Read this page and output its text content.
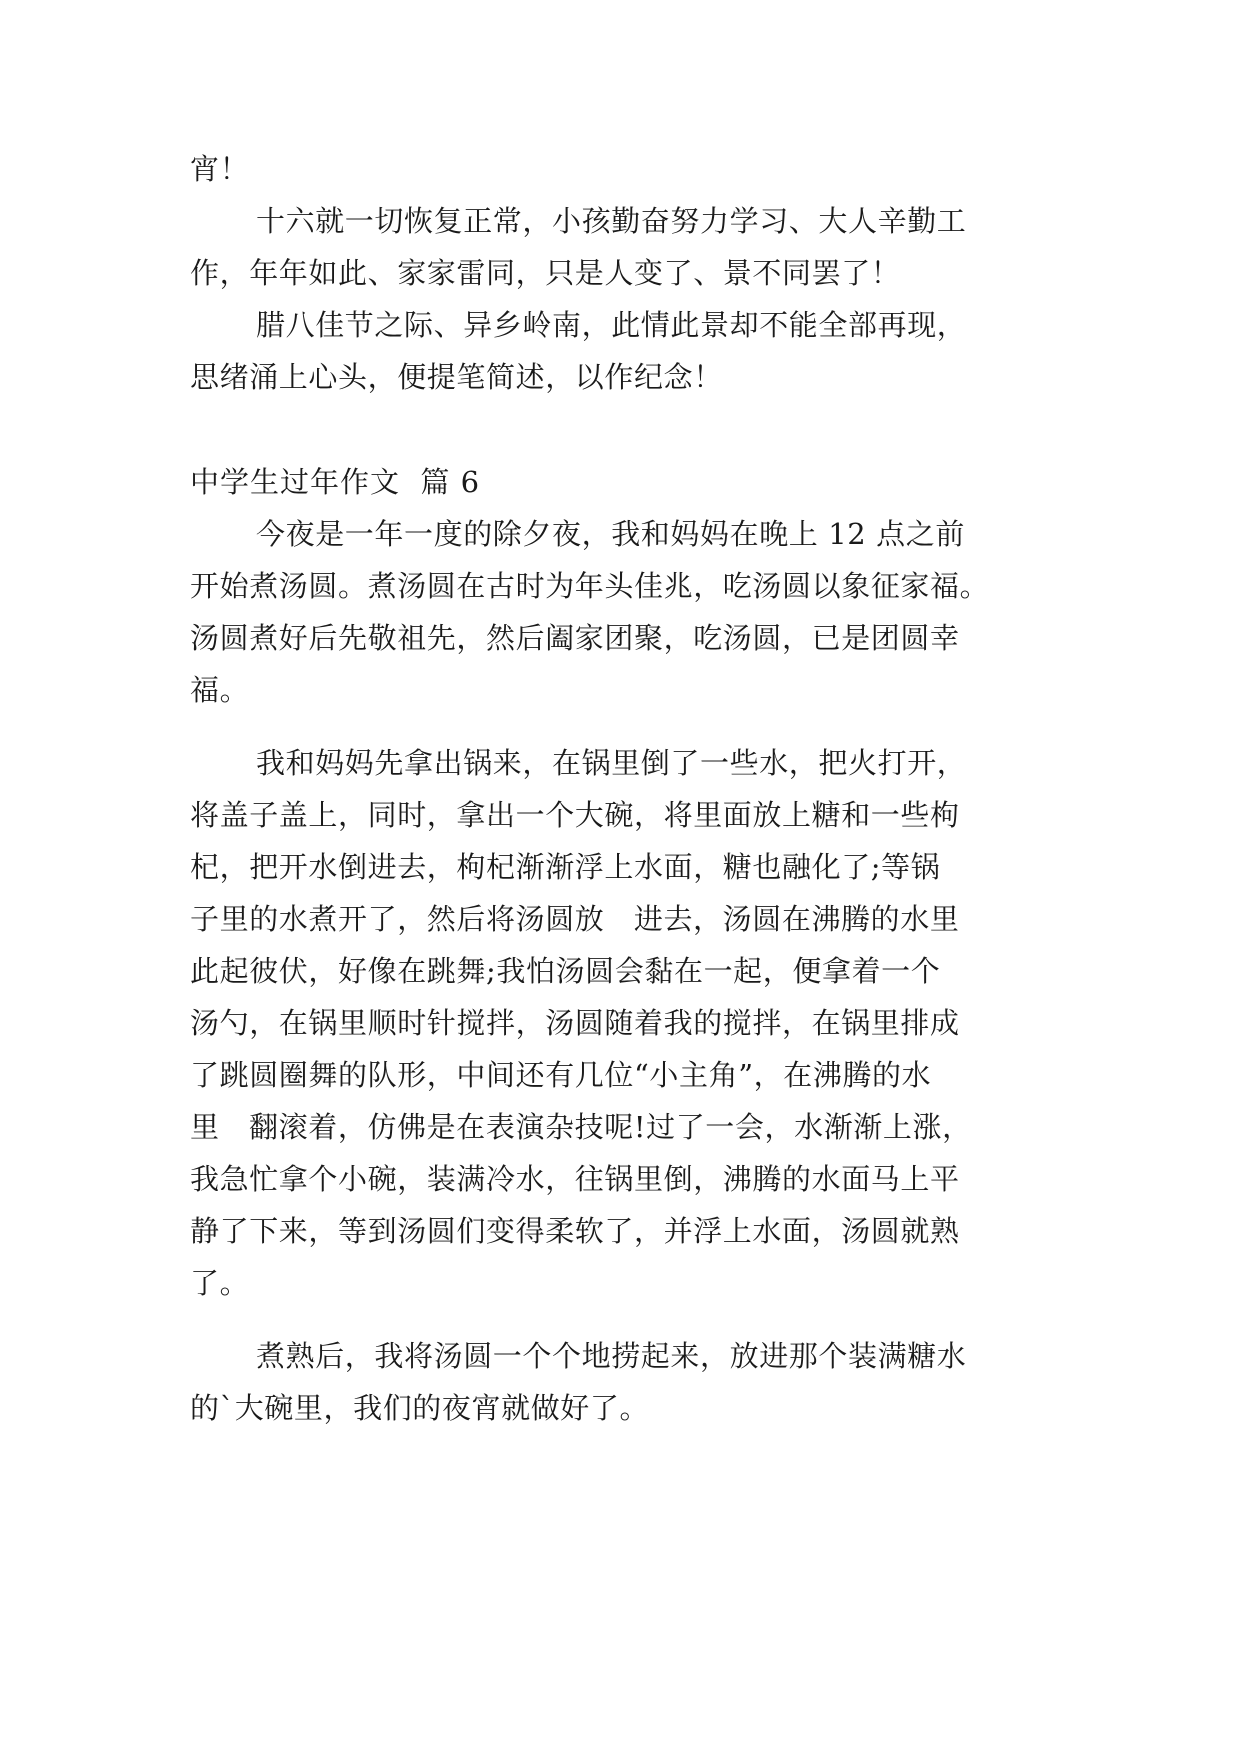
宵！
十六就一切恢复正常，小孩勤奋努力学习、大人辛勤工
作，年年如此、家家雷同，只是人变了、景不同罢了！
腊八佳节之际、异乡岭南，此情此景却不能全部再现，
思绪涌上心头，便提笔简述，以作纪念！
中学生过年作文  篇 6
今夜是一年一度的除夕夜，我和妈妈在晚上 12 点之前
开始煮汤圆。煮汤圆在古时为年头佳兆，吃汤圆以象征家福。
汤圆煮好后先敬祖先，然后阖家团聚，吃汤圆，已是团圆幸
福。
我和妈妈先拿出锅来，在锅里倒了一些水，把火打开，
将盖子盖上，同时，拿出一个大碗，将里面放上糖和一些枸
杞，把开水倒进去，枸杞渐渐浮上水面，糖也融化了;等锅
子里的水煮开了，然后将汤圆放   进去，汤圆在沸腾的水里
此起彼伏，好像在跳舞;我怕汤圆会黏在一起，便拿着一个
汤勺，在锅里顺时针搅拌，汤圆随着我的搅拌，在锅里排成
了跳圆圈舞的队形，中间还有几位“小主角”，在沸腾的水
里   翻滚着，仿佛是在表演杂技呢!过了一会，水渐渐上涨，
我急忙拿个小碗，装满冷水，往锅里倒，沸腾的水面马上平
静了下来，等到汤圆们变得柔软了，并浮上水面，汤圆就熟
了。
煮熟后，我将汤圆一个个地捞起来，放进那个装满糖水
的`大碗里，我们的夜宵就做好了。
